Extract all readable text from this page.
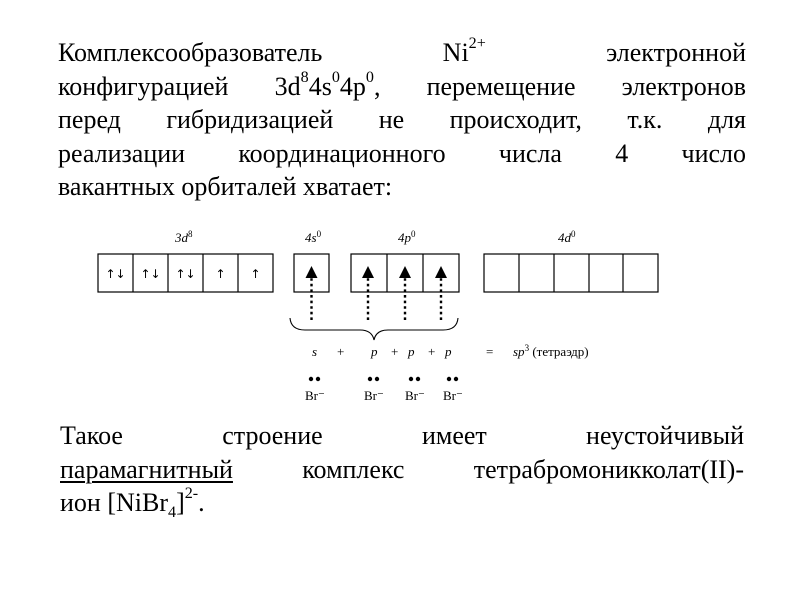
Комплексообразователь	$Ni^{2+}$	электронной
конфигурацией $3d^84s^04p^0$, перемещение электронов
перед гибридизацией не происходит, т.к. для
реализации координационного числа 4 число
вакантных орбиталей хватает:
$3d^8$	$4s^0$	$4p^0$	$4d^0$
↑↓ ↑↓ ↑↓ ↑ ↑
s + p + p + p	= $sp^3$ (тетраэдр)
Br⁻	Br⁻ Br⁻ Br⁻
Такое строение имеет неустойчивый
парамагнитный комплекс тетрабромоникколат(II)-
ион [NiBr$_4$]$^{2-}$.
